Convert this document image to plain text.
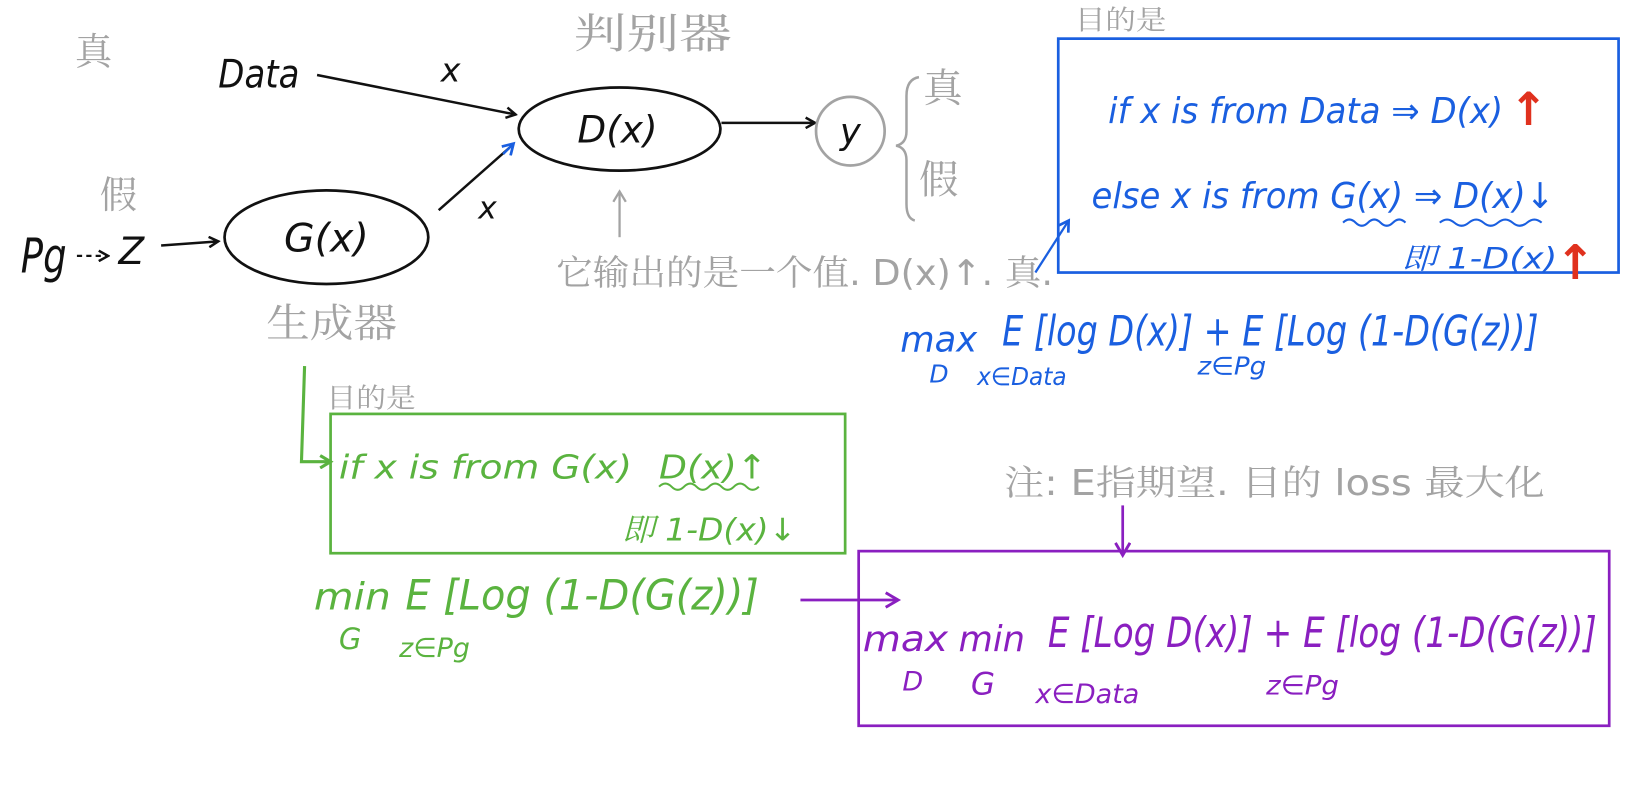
真	Data	x
假
Pg Z	G(x)
生成器
x
判别器
D(x)	y
真
假
它输出的是一个值. D(x)↑. 真.
目的是
if x is from Data ⇒ D(x) ↑
else x is from G(x) ⇒ D(x)↓
即 1-D(x)
↑
max E [log D(x)] + E [Log (1-D(G(z))]
D x∈Data	z∈Pg
目的是
if x is from G(x) D(x)↑
即 1-D(x)↓
min E [Log (1-D(G(z))]
G z∈Pg
注: E指期望. 目的 loss 最大化
max min E [Log D(x)] + E [log (1-D(G(z))]
D G x∈Data	z∈Pg
